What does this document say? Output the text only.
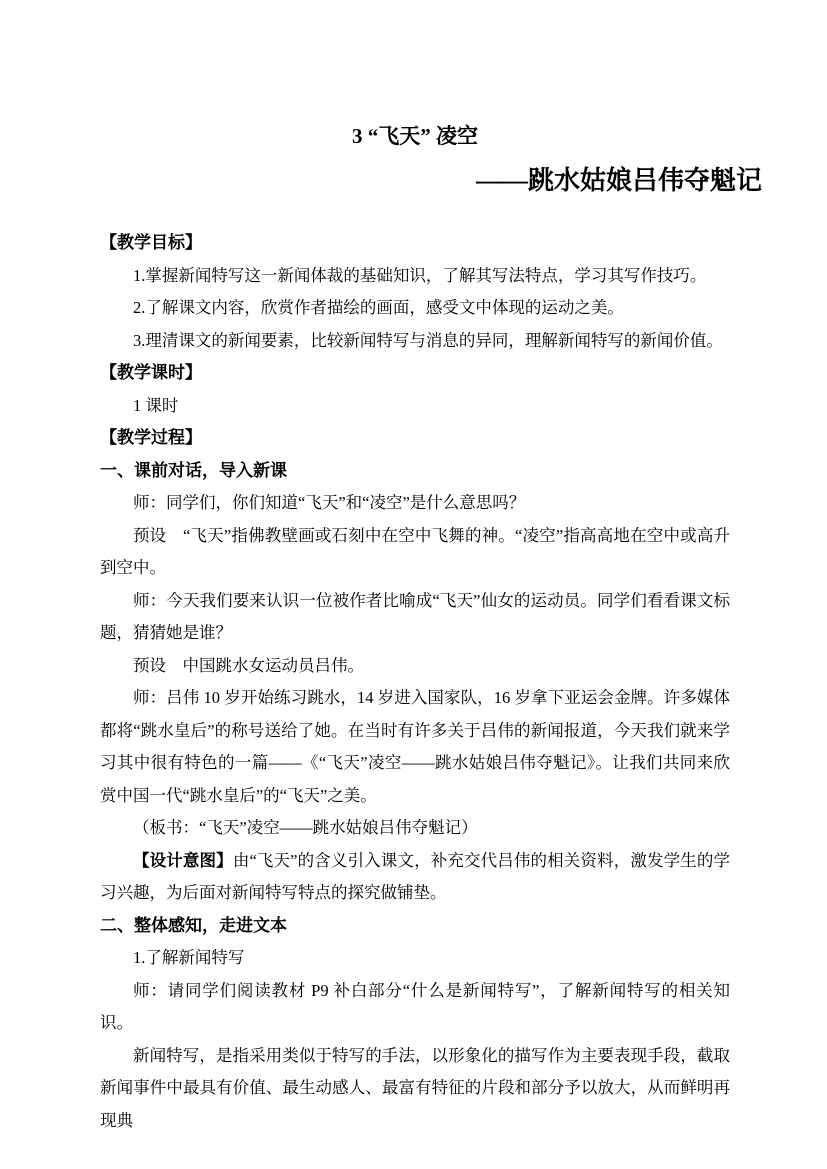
3 “飞天” 凌空
——跳水姑娘吕伟夺魁记
【教学目标】

1.掌握新闻特写这一新闻体裁的基础知识，了解其写法特点，学习其写作技巧。

2.了解课文内容，欣赏作者描绘的画面，感受文中体现的运动之美。

3.理清课文的新闻要素，比较新闻特写与消息的异同，理解新闻特写的新闻价值。

【教学课时】

1 课时

【教学过程】
一、课前对话，导入新课

师：同学们，你们知道“飞天”和“凌空”是什么意思吗？

预设　“飞天”指佛教壁画或石刻中在空中飞舞的神。“凌空”指高高地在空中或高升到空中。

师：今天我们要来认识一位被作者比喻成“飞天”仙女的运动员。同学们看看课文标题，猜猜她是谁？

预设　中国跳水女运动员吕伟。

师：吕伟 10 岁开始练习跳水，14 岁进入国家队，16 岁拿下亚运会金牌。许多媒体都将“跳水皇后”的称号送给了她。在当时有许多关于吕伟的新闻报道，今天我们就来学习其中很有特色的一篇——《“飞天”凌空——跳水姑娘吕伟夺魁记》。让我们共同来欣赏中国一代“跳水皇后”的“飞天”之美。

（板书：“飞天”凌空——跳水姑娘吕伟夺魁记）

【设计意图】由“飞天”的含义引入课文，补充交代吕伟的相关资料，激发学生的学习兴趣，为后面对新闻特写特点的探究做铺垫。

二、整体感知，走进文本

1.了解新闻特写

师：请同学们阅读教材 P9 补白部分“什么是新闻特写”，了解新闻特写的相关知识。

新闻特写，是指采用类似于特写的手法，以形象化的描写作为主要表现手段，截取新闻事件中最具有价值、最生动感人、最富有特征的片段和部分予以放大，从而鲜明再现典
